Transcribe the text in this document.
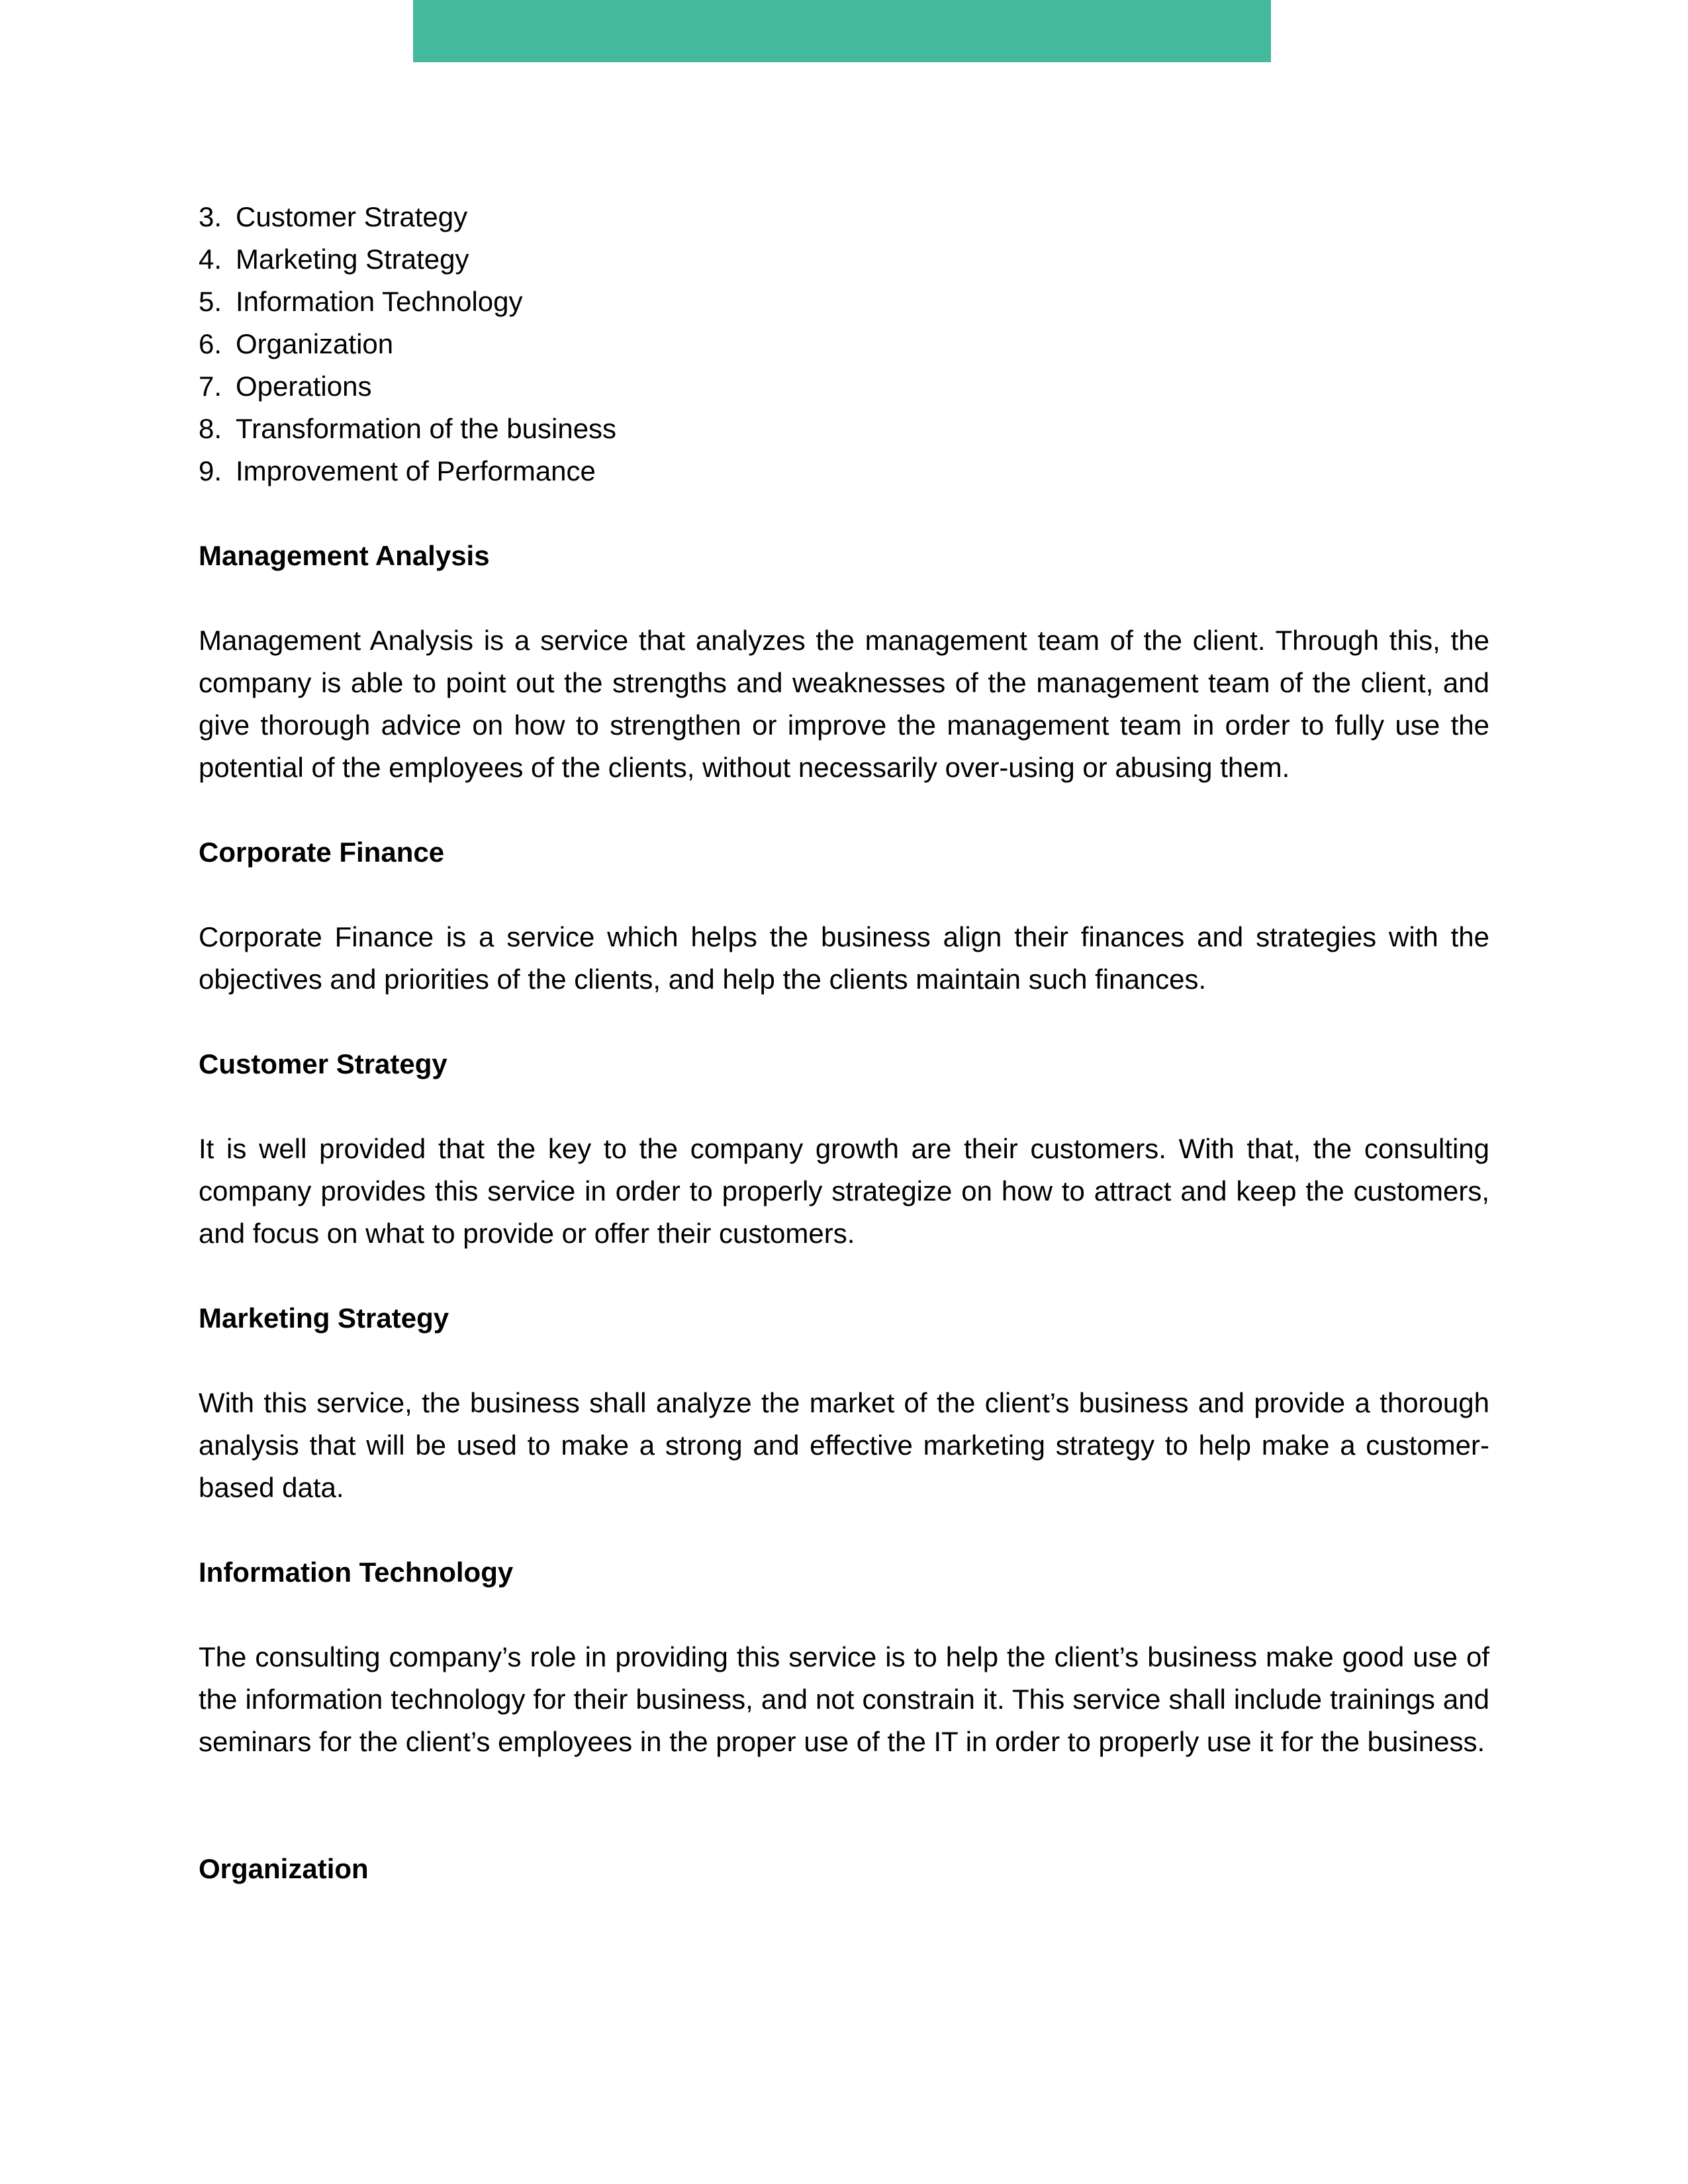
3. Customer Strategy
4. Marketing Strategy
5. Information Technology
6. Organization
7. Operations
8. Transformation of the business
9. Improvement of Performance
Management Analysis

Management Analysis is a service that analyzes the management team of the client. Through this, the company is able to point out the strengths and weaknesses of the management team of the client, and give thorough advice on how to strengthen or improve the management team in order to fully use the potential of the employees of the clients, without necessarily over-using or abusing them.

Corporate Finance

Corporate Finance is a service which helps the business align their finances and strategies with the objectives and priorities of the clients, and help the clients maintain such finances.

Customer Strategy

It is well provided that the key to the company growth are their customers. With that, the consulting company provides this service in order to properly strategize on how to attract and keep the customers, and focus on what to provide or offer their customers.

Marketing Strategy

With this service, the business shall analyze the market of the client’s business and provide a thorough analysis that will be used to make a strong and effective marketing strategy to help make a customer-based data.

Information Technology

The consulting company’s role in providing this service is to help the client’s business make good use of the information technology for their business, and not constrain it. This service shall include trainings and seminars for the client’s employees in the proper use of the IT in order to properly use it for the business.

Organization
